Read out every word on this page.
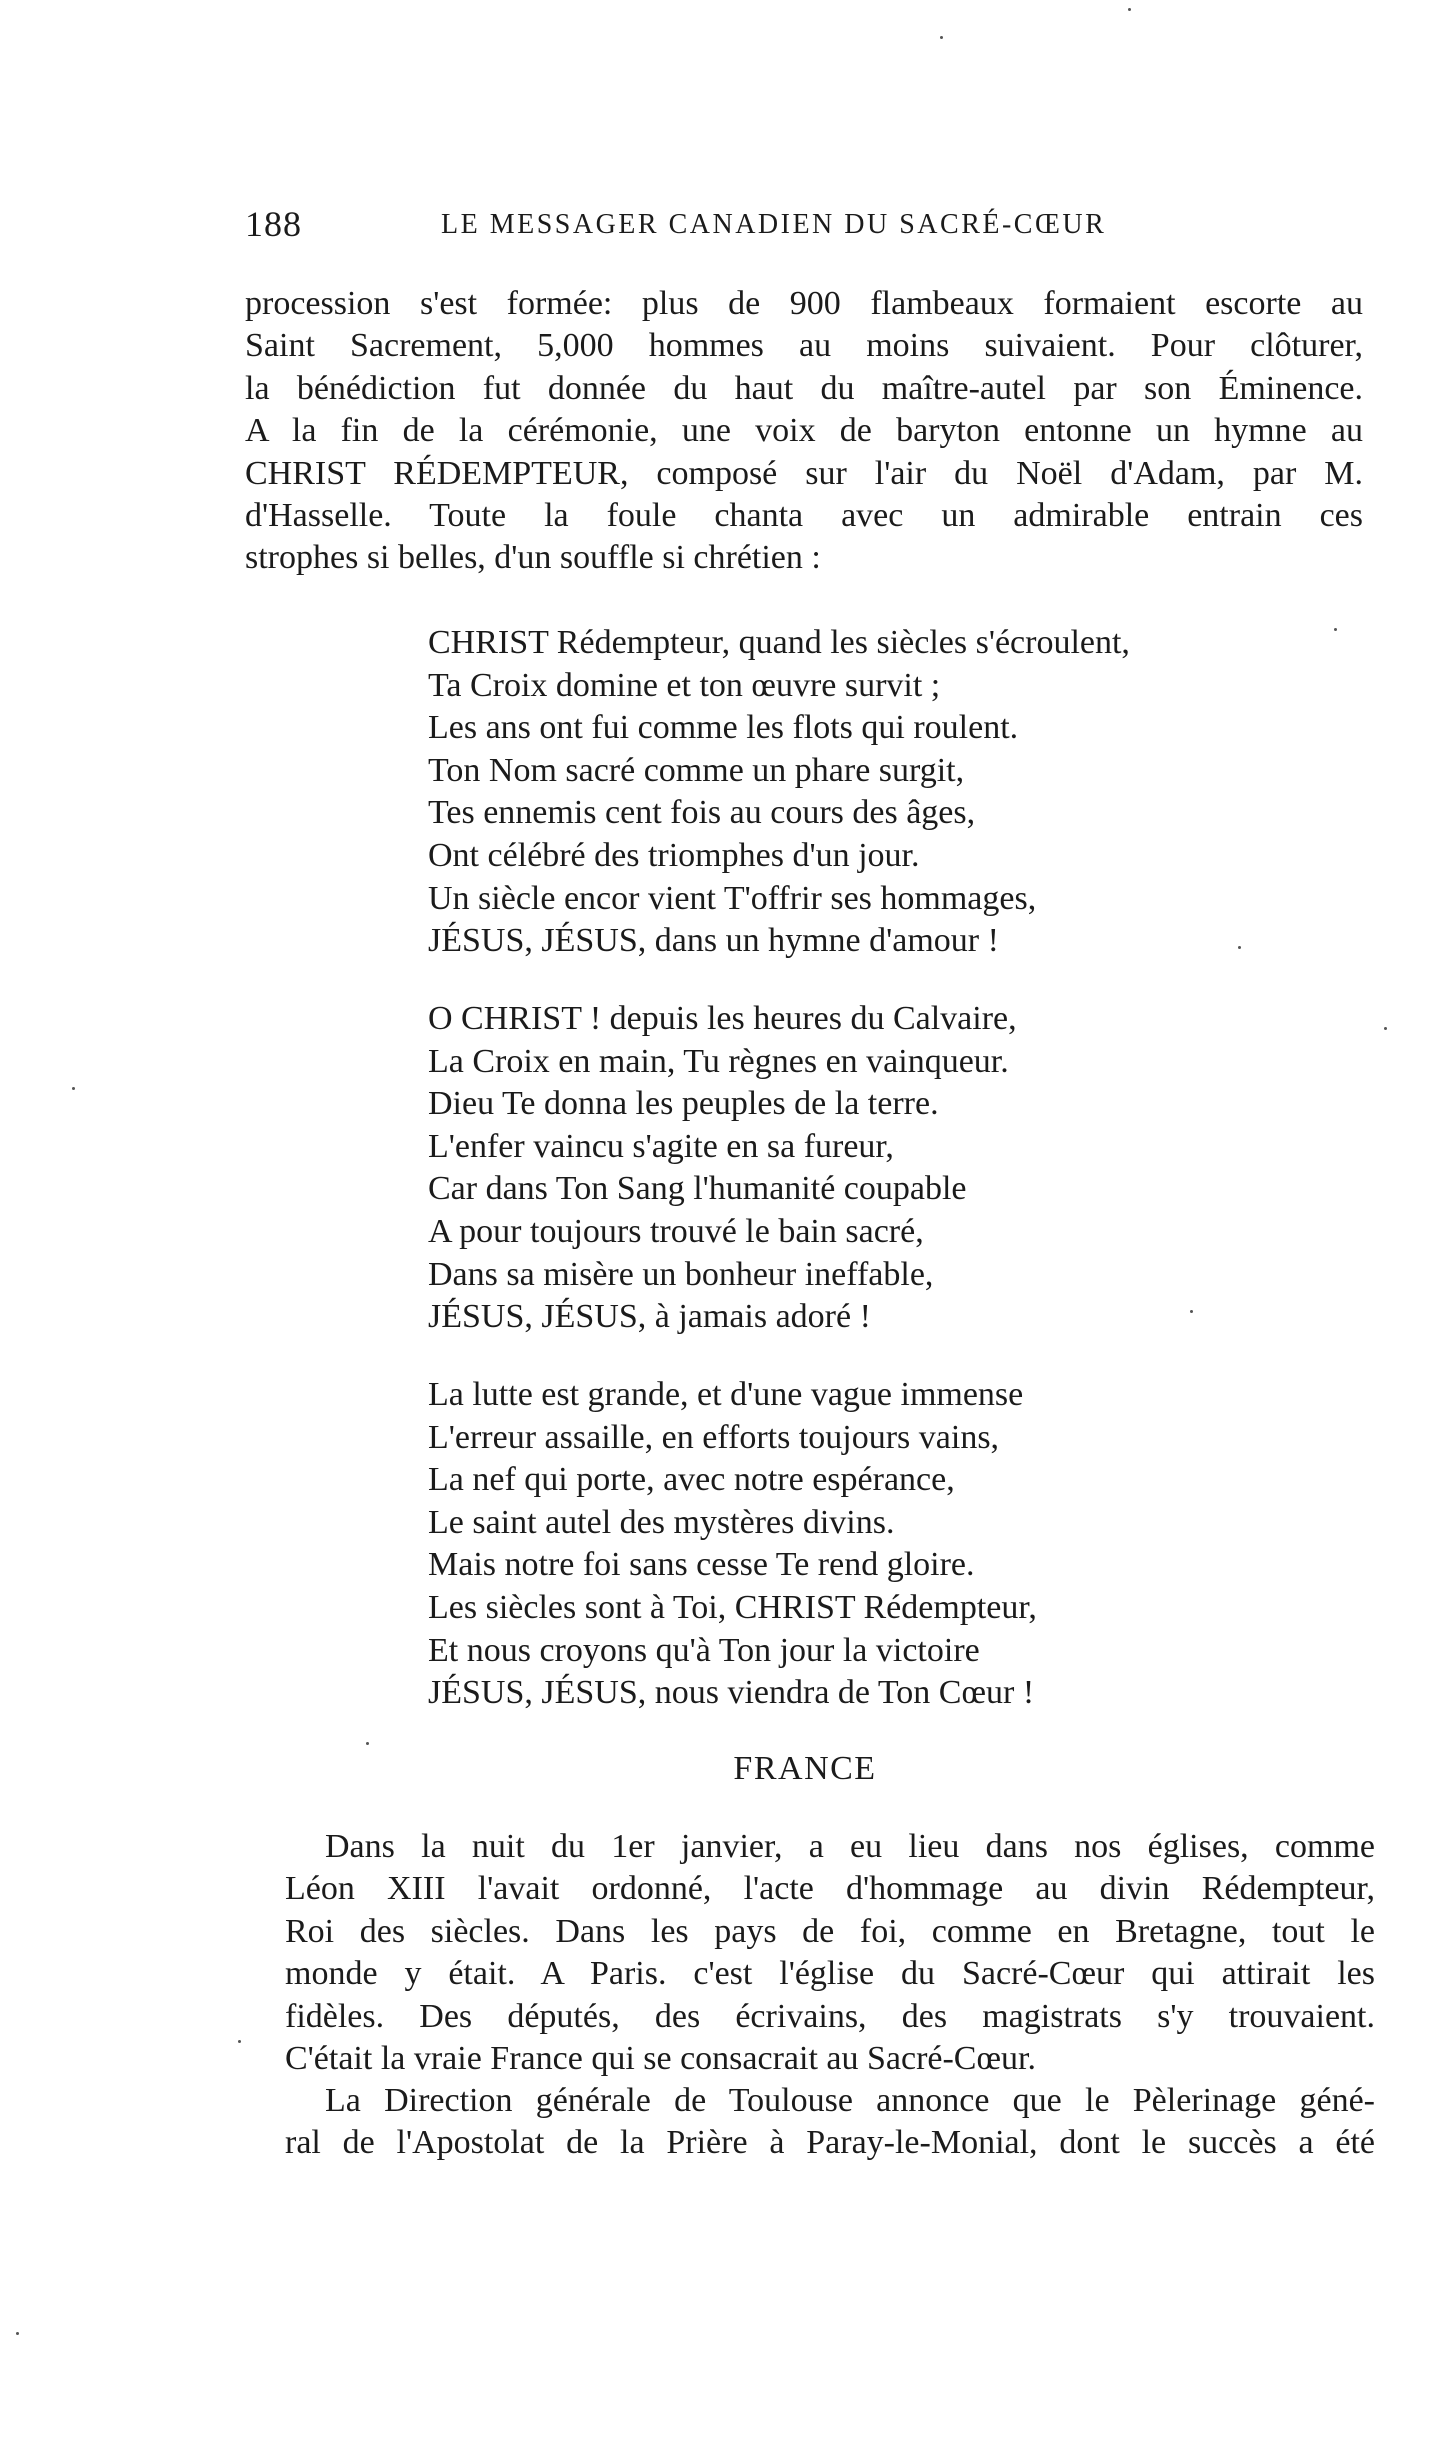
188	LE MESSAGER CANADIEN DU SACRÉ-CŒUR
procession s'est formée: plus de 900 flambeaux formaient escorte au
Saint Sacrement, 5,000 hommes au moins suivaient. Pour clôturer,
la bénédiction fut donnée du haut du maître-autel par son Éminence.
A la fin de la cérémonie, une voix de baryton entonne un hymne au
CHRIST RÉDEMPTEUR, composé sur l'air du Noël d'Adam, par M.
d'Hasselle. Toute la foule chanta avec un admirable entrain ces
strophes si belles, d'un souffle si chrétien :
CHRIST Rédempteur, quand les siècles s'écroulent,
Ta Croix domine et ton œuvre survit ;
Les ans ont fui comme les flots qui roulent.
Ton Nom sacré comme un phare surgit,
Tes ennemis cent fois au cours des âges,
Ont célébré des triomphes d'un jour.
Un siècle encor vient T'offrir ses hommages,
JÉSUS, JÉSUS, dans un hymne d'amour !
O CHRIST ! depuis les heures du Calvaire,
La Croix en main, Tu règnes en vainqueur.
Dieu Te donna les peuples de la terre.
L'enfer vaincu s'agite en sa fureur,
Car dans Ton Sang l'humanité coupable
A pour toujours trouvé le bain sacré,
Dans sa misère un bonheur ineffable,
JÉSUS, JÉSUS, à jamais adoré !
La lutte est grande, et d'une vague immense
L'erreur assaille, en efforts toujours vains,
La nef qui porte, avec notre espérance,
Le saint autel des mystères divins.
Mais notre foi sans cesse Te rend gloire.
Les siècles sont à Toi, CHRIST Rédempteur,
Et nous croyons qu'à Ton jour la victoire
JÉSUS, JÉSUS, nous viendra de Ton Cœur !
FRANCE
Dans la nuit du 1er janvier, a eu lieu dans nos églises, comme
Léon XIII l'avait ordonné, l'acte d'hommage au divin Rédempteur,
Roi des siècles. Dans les pays de foi, comme en Bretagne, tout le
monde y était. A Paris. c'est l'église du Sacré-Cœur qui attirait les
fidèles. Des députés, des écrivains, des magistrats s'y trouvaient.
C'était la vraie France qui se consacrait au Sacré-Cœur.
La Direction générale de Toulouse annonce que le Pèlerinage géné-
ral de l'Apostolat de la Prière à Paray-le-Monial, dont le succès a été
